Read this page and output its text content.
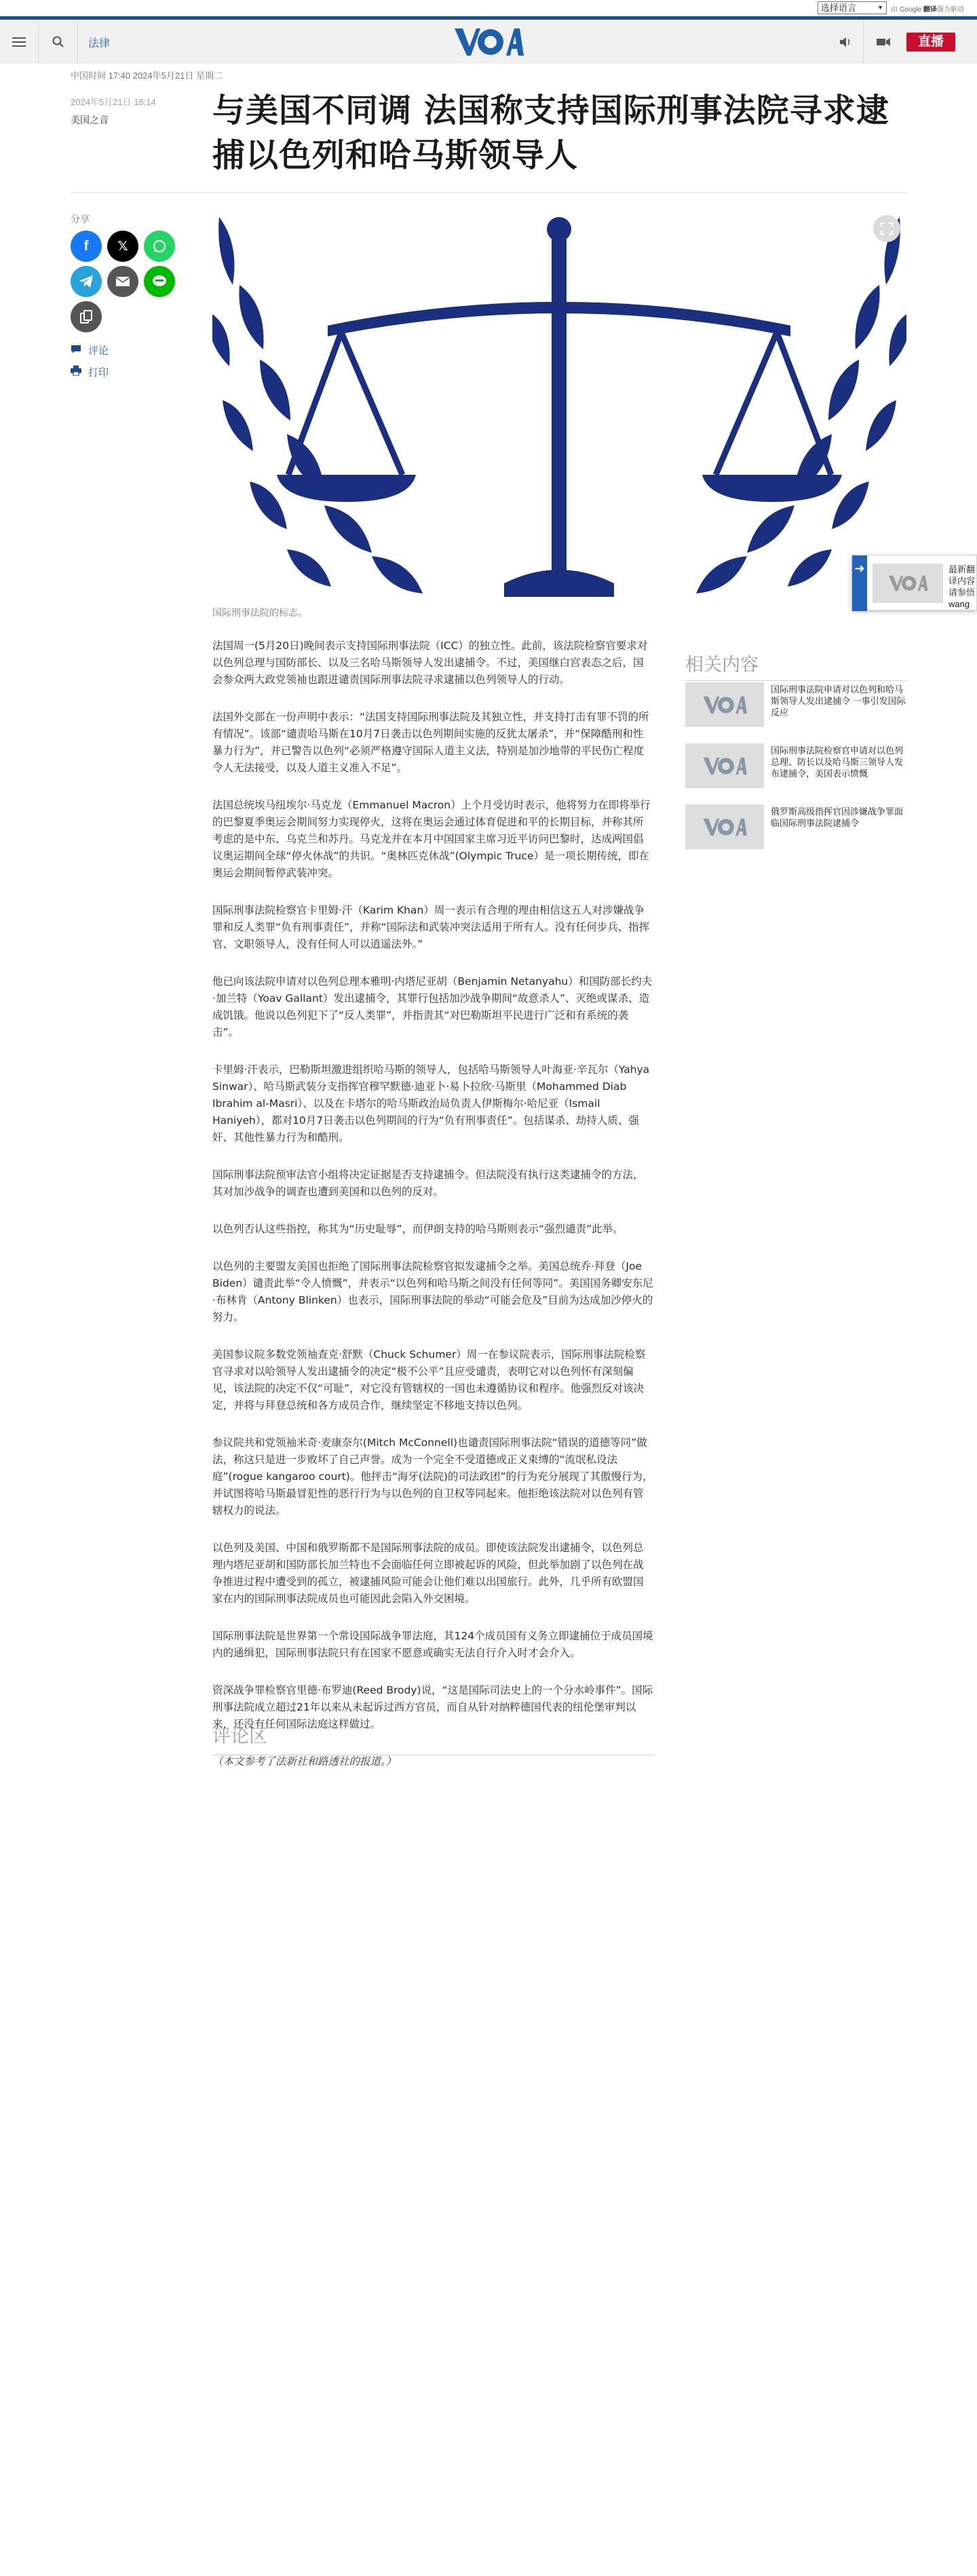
选择语言	▼ 由 Google 翻译强力驱动
法律	直播
中国时间 17:40 2024年5月21日 星期二
2024年5月21日 18:14
美国之音	与美国不同调 法国称支持国际刑事法院寻求逮捕以色列和哈马斯领导人
分享
f 𝕏
评论
打印
国际刑事法院的标志。
➔	最新翻译内容请参悟wang

法国周一(5月20日)晚间表示支持国际刑事法院（ICC）的独立性。此前，该法院检察官要求对以色列总理与国防部长、以及三名哈马斯领导人发出逮捕令。不过，美国继白宫表态之后，国会参众两大政党领袖也跟进谴责国际刑事法院寻求逮捕以色列领导人的行动。

法国外交部在一份声明中表示：“法国支持国际刑事法院及其独立性，并支持打击有罪不罚的所有情况”。该部“谴责哈马斯在10月7日袭击以色列期间实施的反犹太屠杀”，并“保障酷刑和性暴力行为”，并已警告以色列“必须严格遵守国际人道主义法，特别是加沙地带的平民伤亡程度令人无法接受，以及人道主义准入不足”。

法国总统埃马纽埃尔·马克龙（Emmanuel Macron）上个月受访时表示，他将努力在即将举行的巴黎夏季奥运会期间努力实现停火，这将在奥运会通过体育促进和平的长期目标，并称其所考虑的是中东、乌克兰和苏丹。马克龙并在本月中国国家主席习近平访问巴黎时，达成两国倡议奥运期间全球“停火休战”的共识。“奥林匹克休战”(Olympic Truce）是一项长期传统，即在奥运会期间暂停武装冲突。

国际刑事法院检察官卡里姆·汗（Karim Khan）周一表示有合理的理由相信这五人对涉嫌战争罪和反人类罪“负有刑事责任”，并称“国际法和武装冲突法适用于所有人。没有任何步兵、指挥官、文职领导人，没有任何人可以逍遥法外。”

他已向该法院申请对以色列总理本雅明·内塔尼亚胡（Benjamin Netanyahu）和国防部长约夫·加兰特（Yoav Gallant）发出逮捕令，其罪行包括加沙战争期间“故意杀人”、灭绝或谋杀、造成饥饿。他说以色列犯下了“反人类罪”，并指责其“对巴勒斯坦平民进行广泛和有系统的袭击”。

卡里姆·汗表示，巴勒斯坦激进组织哈马斯的领导人，包括哈马斯领导人叶海亚·辛瓦尔（Yahya Sinwar）、哈马斯武装分支指挥官穆罕默德·迪亚卜·易卜拉欣·马斯里（Mohammed Diab Ibrahim al-Masri）、以及在卡塔尔的哈马斯政治局负责人伊斯梅尔·哈尼亚（Ismail Haniyeh），都对10月7日袭击以色列期间的行为“负有刑事责任”。包括谋杀、劫持人质、强奸、其他性暴力行为和酷刑。

国际刑事法院预审法官小组将决定证据是否支持逮捕令。但法院没有执行这类逮捕令的方法，其对加沙战争的调查也遭到美国和以色列的反对。

以色列否认这些指控，称其为“历史耻辱”，而伊朗支持的哈马斯则表示“强烈谴责”此举。

以色列的主要盟友美国也拒绝了国际刑事法院检察官拟发逮捕令之举。美国总统乔·拜登（Joe Biden）谴责此举“令人愤慨”，并表示“以色列和哈马斯之间没有任何等同”。美国国务卿安东尼·布林肯（Antony Blinken）也表示，国际刑事法院的举动“可能会危及”目前为达成加沙停火的努力。

美国参议院多数党领袖查克·舒默（Chuck Schumer）周一在参议院表示，国际刑事法院检察官寻求对以哈领导人发出逮捕令的决定“极不公平”且应受谴责，表明它对以色列怀有深刻偏见，该法院的决定不仅“可耻”，对它没有管辖权的一国也未遵循协议和程序。他强烈反对该决定，并将与拜登总统和各方成员合作，继续坚定不移地支持以色列。

参议院共和党领袖米奇·麦康奈尔(Mitch McConnell)也谴责国际刑事法院“错误的道德等同”做法，称这只是进一步败坏了自己声誉。成为一个完全不受道德或正义束缚的“流氓私设法庭”(rogue kangaroo court)。他抨击“海牙(法院)的司法政团”的行为充分展现了其傲慢行为，并试图将哈马斯最冒犯性的恶行行为与以色列的自卫权等同起来。他拒绝该法院对以色列有管辖权力的说法。

以色列及美国、中国和俄罗斯都不是国际刑事法院的成员。即使该法院发出逮捕令，以色列总理内塔尼亚胡和国防部长加兰特也不会面临任何立即被起诉的风险，但此举加剧了以色列在战争推进过程中遭受到的孤立，被逮捕风险可能会让他们难以出国旅行。此外，几乎所有欧盟国家在内的国际刑事法院成员也可能因此会陷入外交困境。

国际刑事法院是世界第一个常设国际战争罪法庭，其124个成员国有义务立即逮捕位于成员国境内的通缉犯，国际刑事法院只有在国家不愿意或确实无法自行介入时才会介入。

资深战争罪检察官里德·布罗迪(Reed Brody)说，“这是国际司法史上的一个分水岭事件”。国际刑事法院成立超过21年以来从未起诉过西方官员，而自从针对纳粹德国代表的纽伦堡审判以来，还没有任何国际法庭这样做过。

（本文参考了法新社和路透社的报道。）

评论区
相关内容
国际刑事法院申请对以色列和哈马斯领导人发出逮捕令 一事引发国际反应
国际刑事法院检察官申请对以色列总理、防长以及哈马斯三领导人发布逮捕令，美国表示愤慨
俄罗斯高级指挥官因涉嫌战争罪面临国际刑事法院逮捕令
